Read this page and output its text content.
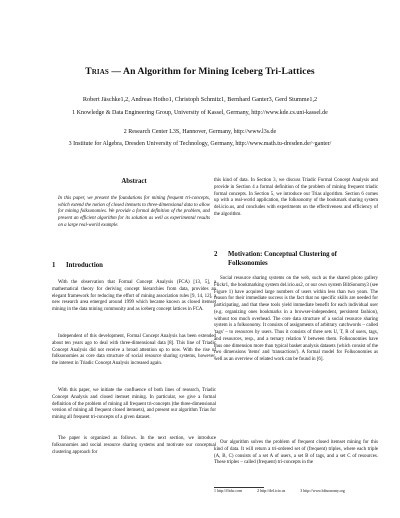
Trias — An Algorithm for Mining Iceberg Tri-Lattices
Robert Jäschke1,2, Andreas Hotho1, Christoph Schmitz1, Bernhard Ganter3, Gerd Stumme1,2
1 Knowledge & Data Engineering Group, University of Kassel, Germany, http://www.kde.cs.uni-kassel.de
2 Research Center L3S, Hannover, Germany, http://www.l3s.de
3 Institute for Algebra, Dresden University of Technology, Germany, http://www.math.tu-dresden.de/~ganter/
Abstract
In this paper, we present the foundations for mining frequent tri-concepts, which extend the notion of closed itemsets to three-dimensional data to allow for mining folksonomies. We provide a formal definition of the problem, and present an efficient algorithm for its solution as well as experimental results on a large real-world example.
1 Introduction
With the observation that Formal Concept Analysis (FCA) [13, 5], a mathematical theory for deriving concept hierarchies from data, provides an elegant framework for reducing the effort of mining association rules [9, 14, 12], a new research area emerged around 1999 which became known as closed itemset mining in the data mining community and as iceberg concept lattices in FCA.
Independent of this development, Formal Concept Analysis has been extended about ten years ago to deal with three-dimensional data [8]. This line of Triadic Concept Analysis did not receive a broad attention up to now. With the rise of folksonomies as core data structure of social resource sharing systems, however, the interest in Triadic Concept Analysis increased again.
With this paper, we initiate the confluence of both lines of research, Triadic Concept Analysis and closed itemset mining. In particular, we give a formal definition of the problem of mining all frequent tri-concepts (the three-dimensional version of mining all frequent closed itemsets), and present our algorithm Trias for mining all frequent tri-concepts of a given dataset.
The paper is organized as follows. In the next section, we introduce folksonomies and social resource sharing systems and motivate our conceptual clustering approach for
this kind of data. In Section 3, we discuss Triadic Formal Concept Analysis and provide in Section 4 a formal definition of the problem of mining frequent triadic formal concepts. In Section 5, we introduce our Trias algorithm. Section 6 comes up with a real-world application, the folksonomy of the bookmark sharing system del.icio.us, and concludes with experiments on the effectiveness and efficiency of the algorithm.
2 Motivation: Conceptual Clustering of
Folksonomies
Social resource sharing systems on the web, such as the shared photo gallery Flickr1, the bookmarking system del.icio.us2, or our own system BibSonomy3 (see Figure 1) have acquired large numbers of users within less than two years. The reason for their immediate success is the fact that no specific skills are needed for participating, and that these tools yield immediate benefit for each individual user (e.g. organizing ones bookmarks in a browser-independent, persistent fashion), without too much overhead. The core data structure of a social resource sharing system is a folksonomy. It consists of assignments of arbitrary catchwords – called 'tags' – to resources by users. Thus it consists of three sets U, T, R of users, tags, and resources, resp., and a ternary relation Y between them. Folksonomies have thus one dimension more than typical basket analysis datasets (which consist of the two dimensions 'items' and 'transactions'). A formal model for Folksonomies as well as an overview of related work can be found in [6].
Our algorithm solves the problem of frequent closed itemset mining for this kind of data. It will return a tri-ordered set of (frequent) triples, where each triple (A, B, C) consists of a set A of users, a set B of tags, and a set C of resources. These triples – called (frequent) tri-concepts in the
1 http://flickr.com	2 http://del.icio.us	3 http://www.bibsonomy.org
